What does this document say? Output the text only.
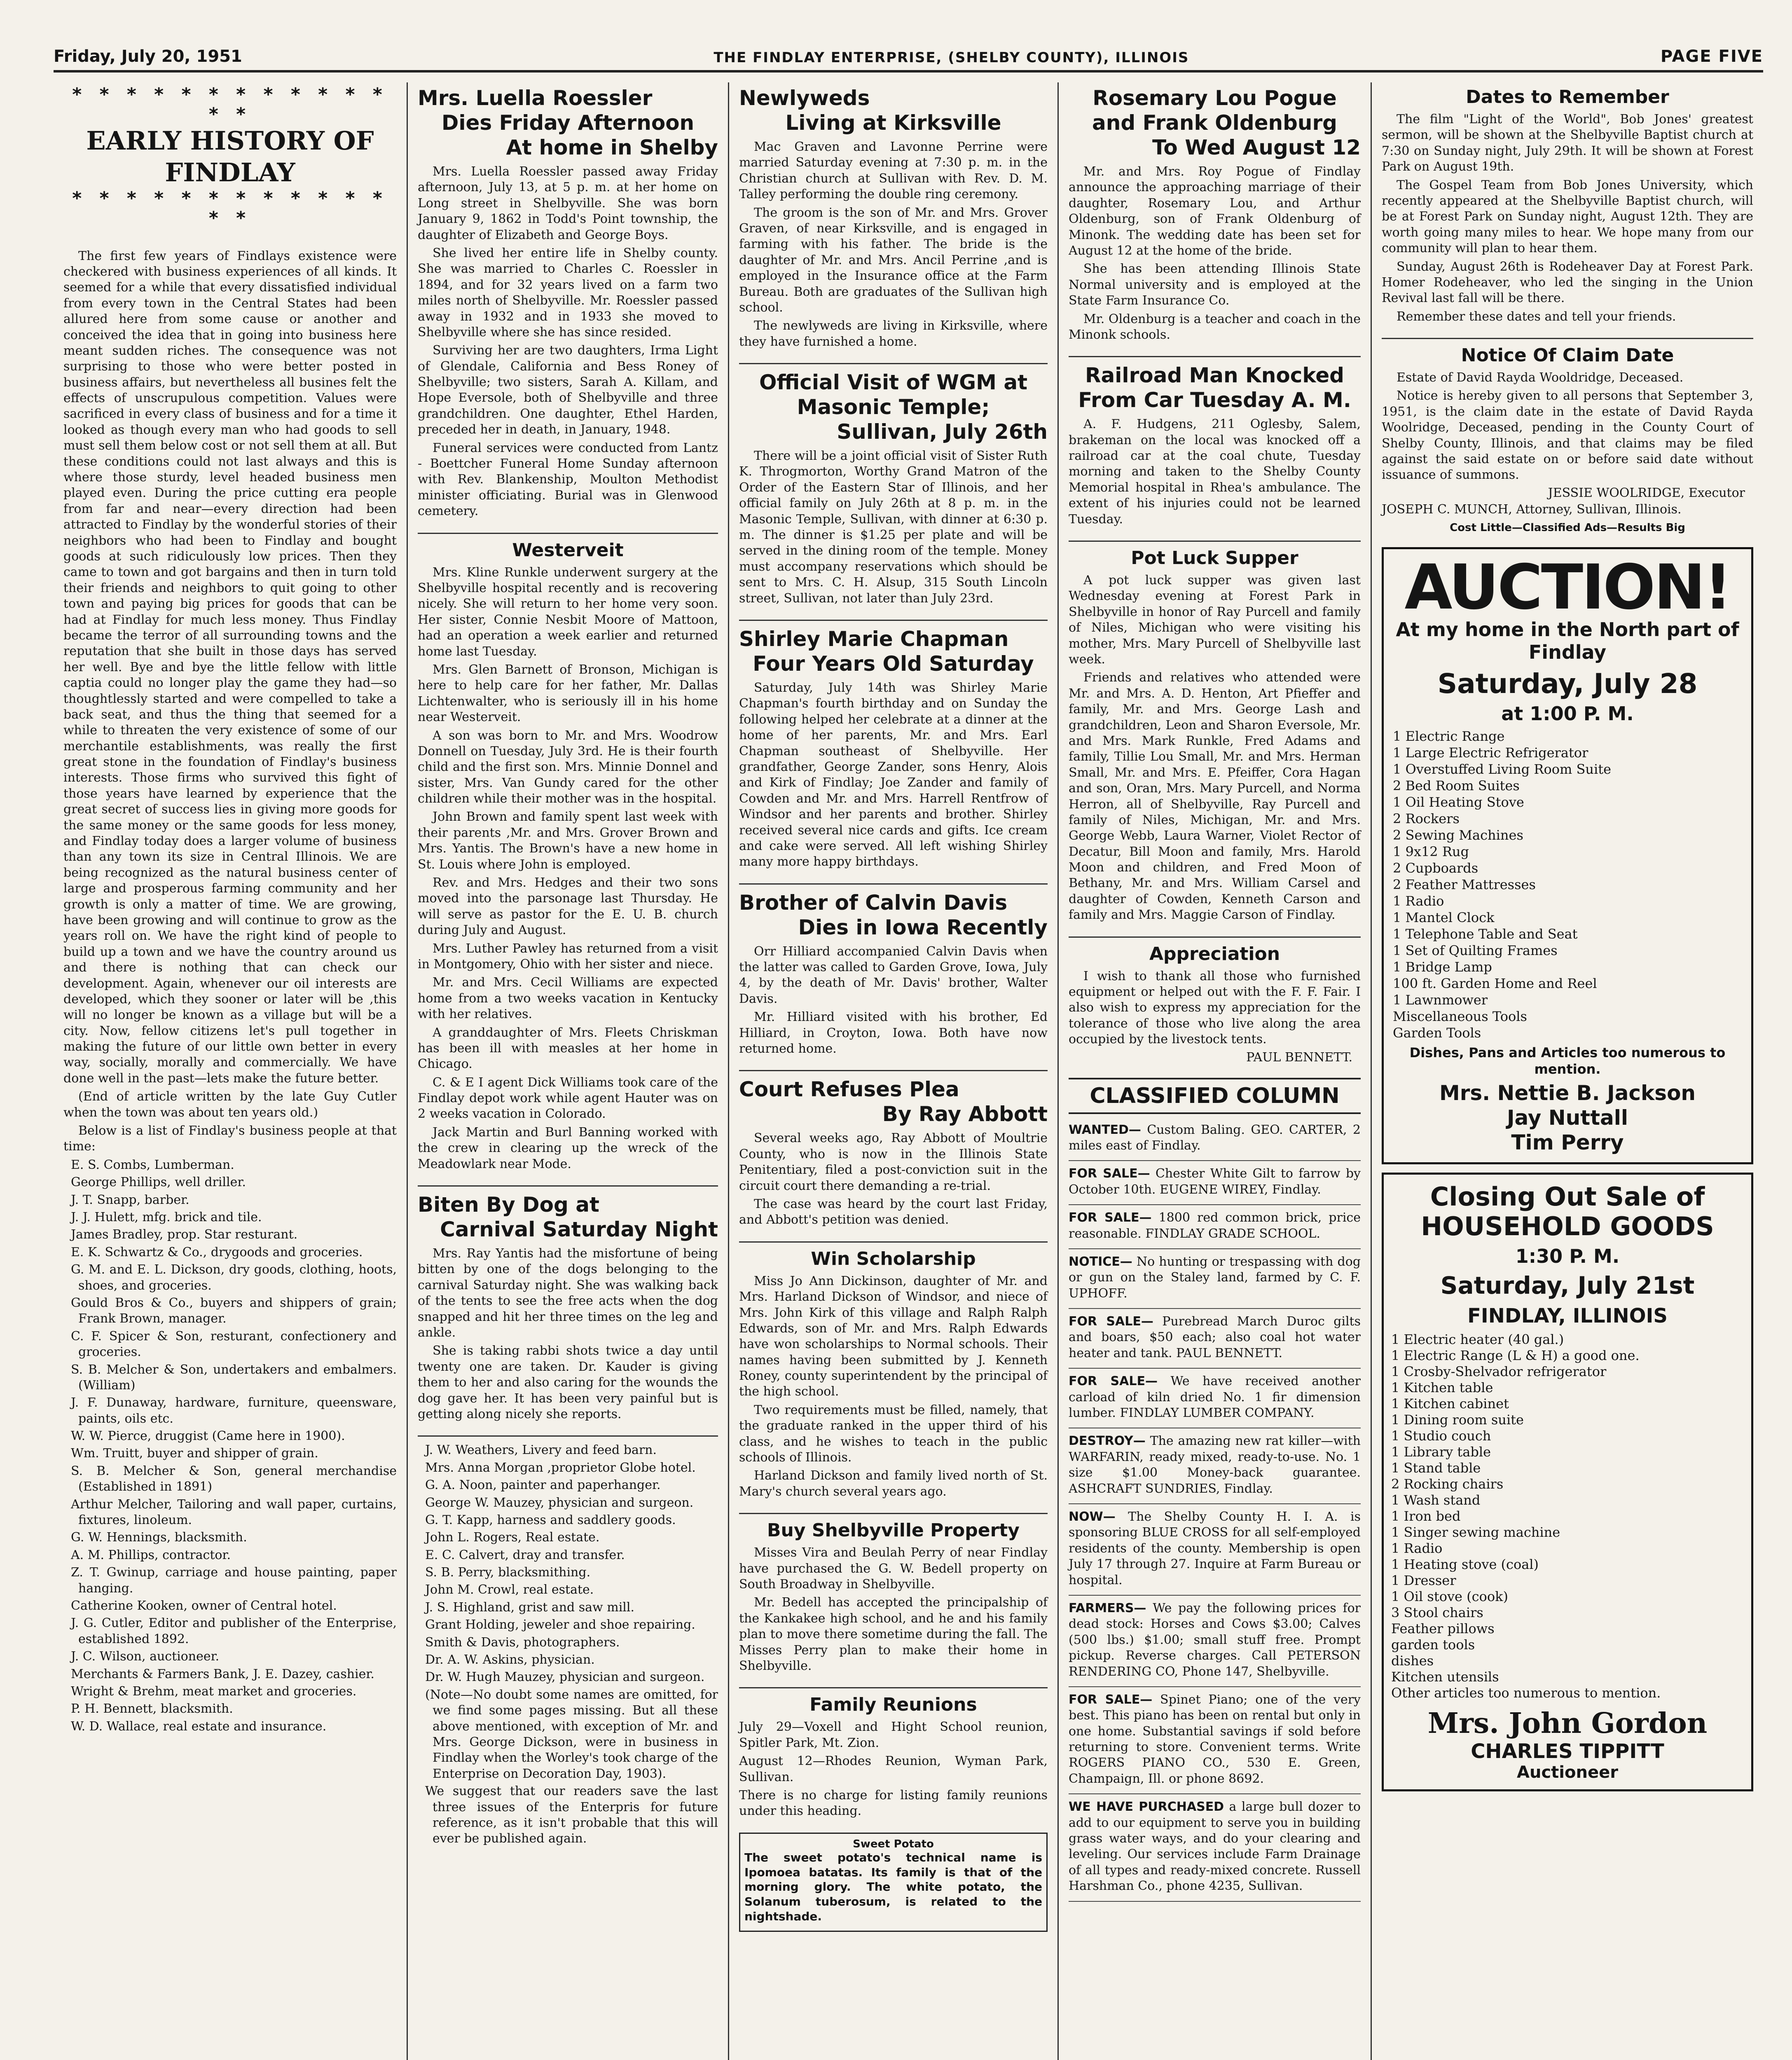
Friday, July 20, 1951	THE FINDLAY ENTERPRISE, (SHELBY COUNTY), ILLINOIS	PAGE FIVE
* * * * * * * * * * * * * *
EARLY HISTORY OF FINDLAY
* * * * * * * * * * * * * *

The first few years of Findlays existence were checkered with business experiences of all kinds. It seemed for a while that every dissatisfied individual from every town in the Central States had been allured here from some cause or another and conceived the idea that in going into business here meant sudden riches. The consequence was not surprising to those who were better posted in business affairs, but nevertheless all busines felt the effects of unscrupulous competition. Values were sacrificed in every class of business and for a time it looked as though every man who had goods to sell must sell them below cost or not sell them at all. But these conditions could not last always and this is where those sturdy, level headed business men played even. During the price cutting era people from far and near—every direction had been attracted to Findlay by the wonderful stories of their neighbors who had been to Findlay and bought goods at such ridiculously low prices. Then they came to town and got bargains and then in turn told their friends and neighbors to quit going to other town and paying big prices for goods that can be had at Findlay for much less money. Thus Findlay became the terror of all surrounding towns and the reputation that she built in those days has served her well. Bye and bye the little fellow with little captia could no longer play the game they had—so thoughtlessly started and were compelled to take a back seat, and thus the thing that seemed for a while to threaten the very existence of some of our merchantile establishments, was really the first great stone in the foundation of Findlay's business interests. Those firms who survived this fight of those years have learned by experience that the great secret of success lies in giving more goods for the same money or the same goods for less money, and Findlay today does a larger volume of business than any town its size in Central Illinois. We are being recognized as the natural business center of large and prosperous farming community and her growth is only a matter of time. We are growing, have been growing and will continue to grow as the years roll on. We have the right kind of people to build up a town and we have the country around us and there is nothing that can check our development. Again, whenever our oil interests are developed, which they sooner or later will be ,this will no longer be known as a village but will be a city. Now, fellow citizens let's pull together in making the future of our little own better in every way, socially, morally and commercially. We have done well in the past—lets make the future better.

(End of article written by the late Guy Cutler when the town was about ten years old.)

Below is a list of Findlay's business people at that time:

E. S. Combs, Lumberman.

George Phillips, well driller.

J. T. Snapp, barber.

J. J. Hulett, mfg. brick and tile.

James Bradley, prop. Star resturant.

E. K. Schwartz & Co., drygoods and groceries.

G. M. and E. L. Dickson, dry goods, clothing, hoots, shoes, and groceries.

Gould Bros & Co., buyers and shippers of grain; Frank Brown, manager.

C. F. Spicer & Son, resturant, confectionery and groceries.

S. B. Melcher & Son, undertakers and embalmers. (William)

J. F. Dunaway, hardware, furniture, queensware, paints, oils etc.

W. W. Pierce, druggist (Came here in 1900).

Wm. Truitt, buyer and shipper of grain.

S. B. Melcher & Son, general merchandise (Established in 1891)

Arthur Melcher, Tailoring and wall paper, curtains, fixtures, linoleum.

G. W. Hennings, blacksmith.

A. M. Phillips, contractor.

Z. T. Gwinup, carriage and house painting, paper hanging.

Catherine Kooken, owner of Central hotel.

J. G. Cutler, Editor and publisher of the Enterprise, established 1892.

J. C. Wilson, auctioneer.

Merchants & Farmers Bank, J. E. Dazey, cashier.

Wright & Brehm, meat market and groceries.

P. H. Bennett, blacksmith.

W. D. Wallace, real estate and insurance.

Mrs. Luella Roessler
Dies Friday Afternoon
At home in Shelby

Mrs. Luella Roessler passed away Friday afternoon, July 13, at 5 p. m. at her home on Long street in Shelbyville. She was born January 9, 1862 in Todd's Point township, the daughter of Elizabeth and George Boys.

She lived her entire life in Shelby county. She was married to Charles C. Roessler in 1894, and for 32 years lived on a farm two miles north of Shelbyville. Mr. Roessler passed away in 1932 and in 1933 she moved to Shelbyville where she has since resided.

Surviving her are two daughters, Irma Light of Glendale, California and Bess Roney of Shelbyville; two sisters, Sarah A. Killam, and Hope Eversole, both of Shelbyville and three grandchildren. One daughter, Ethel Harden, preceded her in death, in January, 1948.

Funeral services were conducted from Lantz - Boettcher Funeral Home Sunday afternoon with Rev. Blankenship, Moulton Methodist minister officiating. Burial was in Glenwood cemetery.

Westerveit

Mrs. Kline Runkle underwent surgery at the Shelbyville hospital recently and is recovering nicely. She will return to her home very soon. Her sister, Connie Nesbit Moore of Mattoon, had an operation a week earlier and returned home last Tuesday.

Mrs. Glen Barnett of Bronson, Michigan is here to help care for her father, Mr. Dallas Lichtenwalter, who is seriously ill in his home near Westerveit.

A son was born to Mr. and Mrs. Woodrow Donnell on Tuesday, July 3rd. He is their fourth child and the first son. Mrs. Minnie Donnel and sister, Mrs. Van Gundy cared for the other children while their mother was in the hospital.

John Brown and family spent last week with their parents ,Mr. and Mrs. Grover Brown and Mrs. Yantis. The Brown's have a new home in St. Louis where John is employed.

Rev. and Mrs. Hedges and their two sons moved into the parsonage last Thursday. He will serve as pastor for the E. U. B. church during July and August.

Mrs. Luther Pawley has returned from a visit in Montgomery, Ohio with her sister and niece.

Mr. and Mrs. Cecil Williams are expected home from a two weeks vacation in Kentucky with her relatives.

A granddaughter of Mrs. Fleets Chriskman has been ill with measles at her home in Chicago.

C. & E I agent Dick Williams took care of the Findlay depot work while agent Hauter was on 2 weeks vacation in Colorado.

Jack Martin and Burl Banning worked with the crew in clearing up the wreck of the Meadowlark near Mode.

Biten By Dog at
Carnival Saturday Night

Mrs. Ray Yantis had the misfortune of being bitten by one of the dogs belonging to the carnival Saturday night. She was walking back of the tents to see the free acts when the dog snapped and hit her three times on the leg and ankle.

She is taking rabbi shots twice a day until twenty one are taken. Dr. Kauder is giving them to her and also caring for the wounds the dog gave her. It has been very painful but is getting along nicely she reports.

J. W. Weathers, Livery and feed barn.

Mrs. Anna Morgan ,proprietor Globe hotel.

G. A. Noon, painter and paperhanger.

George W. Mauzey, physician and surgeon.

G. T. Kapp, harness and saddlery goods.

John L. Rogers, Real estate.

E. C. Calvert, dray and transfer.

S. B. Perry, blacksmithing.

John M. Crowl, real estate.

J. S. Highland, grist and saw mill.

Grant Holding, jeweler and shoe repairing.

Smith & Davis, photographers.

Dr. A. W. Askins, physician.

Dr. W. Hugh Mauzey, physician and surgeon.

(Note—No doubt some names are omitted, for we find some pages missing. But all these above mentioned, with exception of Mr. and Mrs. George Dickson, were in business in Findlay when the Worley's took charge of the Enterprise on Decoration Day, 1903).

We suggest that our readers save the last three issues of the Enterpris for future reference, as it isn't probable that this will ever be published again.

Newlyweds
Living at Kirksville

Mac Graven and Lavonne Perrine were married Saturday evening at 7:30 p. m. in the Christian church at Sullivan with Rev. D. M. Talley performing the double ring ceremony.

The groom is the son of Mr. and Mrs. Grover Graven, of near Kirksville, and is engaged in farming with his father. The bride is the daughter of Mr. and Mrs. Ancil Perrine ,and is employed in the Insurance office at the Farm Bureau. Both are graduates of the Sullivan high school.

The newlyweds are living in Kirksville, where they have furnished a home.

Official Visit of WGM at Masonic Temple;
Sullivan, July 26th

There will be a joint official visit of Sister Ruth K. Throgmorton, Worthy Grand Matron of the Order of the Eastern Star of Illinois, and her official family on July 26th at 8 p. m. in the Masonic Temple, Sullivan, with dinner at 6:30 p. m. The dinner is $1.25 per plate and will be served in the dining room of the temple. Money must accompany reservations which should be sent to Mrs. C. H. Alsup, 315 South Lincoln street, Sullivan, not later than July 23rd.

Shirley Marie Chapman
Four Years Old Saturday

Saturday, July 14th was Shirley Marie Chapman's fourth birthday and on Sunday the following helped her celebrate at a dinner at the home of her parents, Mr. and Mrs. Earl Chapman southeast of Shelbyville. Her grandfather, George Zander, sons Henry, Alois and Kirk of Findlay; Joe Zander and family of Cowden and Mr. and Mrs. Harrell Rentfrow of Windsor and her parents and brother. Shirley received several nice cards and gifts. Ice cream and cake were served. All left wishing Shirley many more happy birthdays.

Brother of Calvin Davis
Dies in Iowa Recently

Orr Hilliard accompanied Calvin Davis when the latter was called to Garden Grove, Iowa, July 4, by the death of Mr. Davis' brother, Walter Davis.

Mr. Hilliard visited with his brother, Ed Hilliard, in Croyton, Iowa. Both have now returned home.

Court Refuses Plea
By Ray Abbott

Several weeks ago, Ray Abbott of Moultrie County, who is now in the Illinois State Penitentiary, filed a post-conviction suit in the circuit court there demanding a re-trial.

The case was heard by the court last Friday, and Abbott's petition was denied.

Win Scholarship

Miss Jo Ann Dickinson, daughter of Mr. and Mrs. Harland Dickson of Windsor, and niece of Mrs. John Kirk of this village and Ralph Ralph Edwards, son of Mr. and Mrs. Ralph Edwards have won scholarships to Normal schools. Their names having been submitted by J. Kenneth Roney, county superintendent by the principal of the high school.

Two requirements must be filled, namely, that the graduate ranked in the upper third of his class, and he wishes to teach in the public schools of Illinois.

Harland Dickson and family lived north of St. Mary's church several years ago.

Buy Shelbyville Property

Misses Vira and Beulah Perry of near Findlay have purchased the G. W. Bedell property on South Broadway in Shelbyville.

Mr. Bedell has accepted the principalship of the Kankakee high school, and he and his family plan to move there sometime during the fall. The Misses Perry plan to make their home in Shelbyville.

Family Reunions

July 29—Voxell and Hight School reunion, Spitler Park, Mt. Zion.

August 12—Rhodes Reunion, Wyman Park, Sullivan.

There is no charge for listing family reunions under this heading.

Sweet Potato

The sweet potato's technical name is Ipomoea batatas. Its family is that of the morning glory. The white potato, the Solanum tuberosum, is related to the nightshade.

Rosemary Lou Pogue and Frank Oldenburg
To Wed August 12

Mr. and Mrs. Roy Pogue of Findlay announce the approaching marriage of their daughter, Rosemary Lou, and Arthur Oldenburg, son of Frank Oldenburg of Minonk. The wedding date has been set for August 12 at the home of the bride.

She has been attending Illinois State Normal university and is employed at the State Farm Insurance Co.

Mr. Oldenburg is a teacher and coach in the Minonk schools.

Railroad Man Knocked From Car Tuesday A. M.

A. F. Hudgens, 211 Oglesby, Salem, brakeman on the local was knocked off a railroad car at the coal chute, Tuesday morning and taken to the Shelby County Memorial hospital in Rhea's ambulance. The extent of his injuries could not be learned Tuesday.

Pot Luck Supper

A pot luck supper was given last Wednesday evening at Forest Park in Shelbyville in honor of Ray Purcell and family of Niles, Michigan who were visiting his mother, Mrs. Mary Purcell of Shelbyville last week.

Friends and relatives who attended were Mr. and Mrs. A. D. Henton, Art Pfieffer and family, Mr. and Mrs. George Lash and grandchildren, Leon and Sharon Eversole, Mr. and Mrs. Mark Runkle, Fred Adams and family, Tillie Lou Small, Mr. and Mrs. Herman Small, Mr. and Mrs. E. Pfeiffer, Cora Hagan and son, Oran, Mrs. Mary Purcell, and Norma Herron, all of Shelbyville, Ray Purcell and family of Niles, Michigan, Mr. and Mrs. George Webb, Laura Warner, Violet Rector of Decatur, Bill Moon and family, Mrs. Harold Moon and children, and Fred Moon of Bethany, Mr. and Mrs. William Carsel and daughter of Cowden, Kenneth Carson and family and Mrs. Maggie Carson of Findlay.

Appreciation

I wish to thank all those who furnished equipment or helped out with the F. F. Fair. I also wish to express my appreciation for the tolerance of those who live along the area occupied by the livestock tents.

PAUL BENNETT.

CLASSIFIED COLUMN

WANTED— Custom Baling. GEO. CARTER, 2 miles east of Findlay.

FOR SALE— Chester White Gilt to farrow by October 10th. EUGENE WIREY, Findlay.

FOR SALE— 1800 red common brick, price reasonable. FINDLAY GRADE SCHOOL.

NOTICE— No hunting or trespassing with dog or gun on the Staley land, farmed by C. F. UPHOFF.

FOR SALE— Purebread March Duroc gilts and boars, $50 each; also coal hot water heater and tank. PAUL BENNETT.

FOR SALE— We have received another carload of kiln dried No. 1 fir dimension lumber. FINDLAY LUMBER COMPANY.

DESTROY— The amazing new rat killer—with WARFARIN, ready mixed, ready-to-use. No. 1 size $1.00 Money-back guarantee. ASHCRAFT SUNDRIES, Findlay.

NOW— The Shelby County H. I. A. is sponsoring BLUE CROSS for all self-employed residents of the county. Membership is open July 17 through 27. Inquire at Farm Bureau or hospital.

FARMERS— We pay the following prices for dead stock: Horses and Cows $3.00; Calves (500 lbs.) $1.00; small stuff free. Prompt pickup. Reverse charges. Call PETERSON RENDERING CO, Phone 147, Shelbyville.

FOR SALE— Spinet Piano; one of the very best. This piano has been on rental but only in one home. Substantial savings if sold before returning to store. Convenient terms. Write ROGERS PIANO CO., 530 E. Green, Champaign, Ill. or phone 8692.

WE HAVE PURCHASED a large bull dozer to add to our equipment to serve you in building grass water ways, and do your clearing and leveling. Our services include Farm Drainage of all types and ready-mixed concrete. Russell Harshman Co., phone 4235, Sullivan.

Dates to Remember

The film "Light of the World", Bob Jones' greatest sermon, will be shown at the Shelbyville Baptist church at 7:30 on Sunday night, July 29th. It will be shown at Forest Park on August 19th.

The Gospel Team from Bob Jones University, which recently appeared at the Shelbyville Baptist church, will be at Forest Park on Sunday night, August 12th. They are worth going many miles to hear. We hope many from our community will plan to hear them.

Sunday, August 26th is Rodeheaver Day at Forest Park. Homer Rodeheaver, who led the singing in the Union Revival last fall will be there.

Remember these dates and tell your friends.

Notice Of Claim Date

Estate of David Rayda Wooldridge, Deceased.

Notice is hereby given to all persons that September 3, 1951, is the claim date in the estate of David Rayda Woolridge, Deceased, pending in the County Court of Shelby County, Illinois, and that claims may be filed against the said estate on or before said date without issuance of summons.

JESSIE WOOLRIDGE, Executor

JOSEPH C. MUNCH, Attorney, Sullivan, Illinois.

Cost Little—Classified Ads—Results Big
AUCTION!
At my home in the North part of Findlay
Saturday, July 28
at 1:00 P. M.
1 Electric Range
1 Large Electric Refrigerator
1 Overstuffed Living Room Suite
2 Bed Room Suites
1 Oil Heating Stove
2 Rockers
2 Sewing Machines
1 9x12 Rug
2 Cupboards
2 Feather Mattresses
1 Radio
1 Mantel Clock
1 Telephone Table and Seat
1 Set of Quilting Frames
1 Bridge Lamp
100 ft. Garden Home and Reel
1 Lawnmower
Miscellaneous Tools
Garden Tools
Dishes, Pans and Articles too numerous to mention.
Mrs. Nettie B. Jackson
Jay Nuttall
Tim Perry
Closing Out Sale of
HOUSEHOLD GOODS
1:30 P. M.
Saturday, July 21st
FINDLAY, ILLINOIS
1 Electric heater (40 gal.)
1 Electric Range (L & H) a good one.
1 Crosby-Shelvador refrigerator
1 Kitchen table
1 Kitchen cabinet
1 Dining room suite
1 Studio couch
1 Library table
1 Stand table
2 Rocking chairs
1 Wash stand
1 Iron bed
1 Singer sewing machine
1 Radio
1 Heating stove (coal)
1 Dresser
1 Oil stove (cook)
3 Stool chairs
Feather pillows
garden tools
dishes
Kitchen utensils
Other articles too numerous to mention.
Mrs. John Gordon
CHARLES TIPPITT
Auctioneer
